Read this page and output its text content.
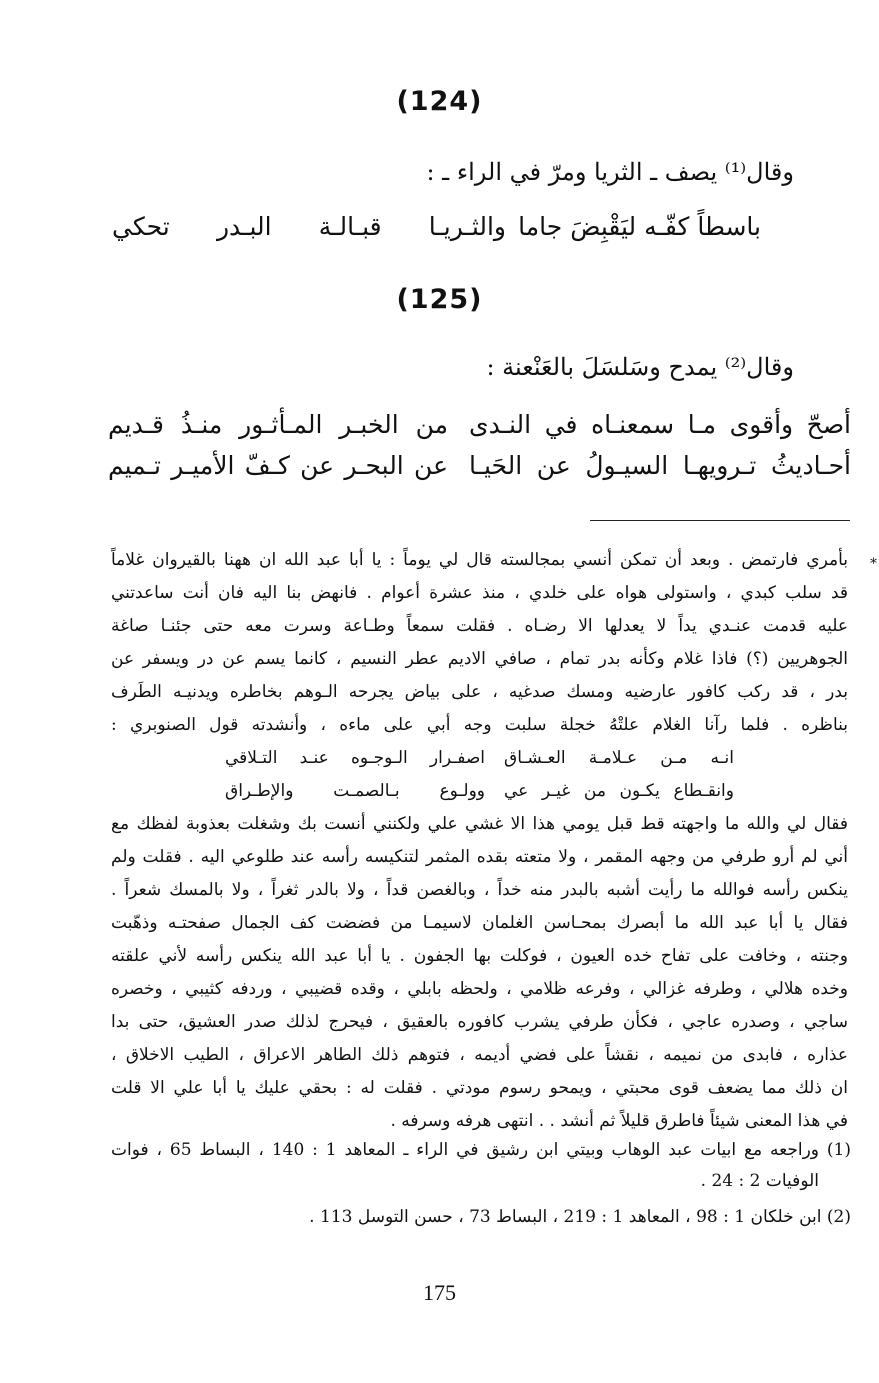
(124)
وقال⁽¹⁾ يصف ـ الثريا ومرّ في الراء ـ :
والثـريـا قبـالـة البـدر تحكي باسطاً كفّـه ليَقْبِضَ جاما
(125)
وقال⁽²⁾ يمدح وسَلسَلَ بالعَنْعنة :
أصحّ وأقوى مـا سمعنـاه في النـدى
من الخبـر المـأثـور منـذُ قـديم
أحـاديثُ تـرويهـا السيـولُ عن الحَيـا
عن البحـر عن كـفّ الأميـر تـميم
*
بأمري فارتمض . وبعد أن تمكن أنسي بمجالسته قال لي يوماً : يا أبا عبد الله ان ههنا بالقيروان غلاماً
قد سلب كبدي ، واستولى هواه على خلدي ، منذ عشرة أعوام . فانهض بنا اليه فان أنت ساعدتني
عليه قدمت عنـدي يداً لا يعدلها الا رضـاه . فقلت سمعاً وطـاعة وسرت معه حتى جئنـا صاغة
الجوهريين (؟) فاذا غلام وكأنه بدر تمام ، صافي الاديم عطر النسيم ، كانما يسم عن در ويسفر عن
بدر ، قد ركب كافور عارضيه ومسك صدغيه ، على بياض يجرحه الـوهم بخاطره ويدنيـه الطَرف
بناظره . فلما رآنا الغلام علتْهُ خجلة سلبت وجه أبي على ماءه ، وأنشدته قول الصنوبري :
انـه مـن عـلامـة العـشـاق
اصفـرار الـوجـوه عنـد التـلاقي
وانقـطاع يكـون من غيـر عي
وولـوع بـالصمـت والإطـراق
فقال لي والله ما واجهته قط قبل يومي هذا الا غشي علي ولكنني أنست بك وشغلت بعذوبة لفظك مع
أني لم أرو طرفي من وجهه المقمر ، ولا متعته بقده المثمر لتنكيسه رأسه عند طلوعي اليه . فقلت ولم
ينكس رأسه فوالله ما رأيت أشبه بالبدر منه خداً ، وبالغصن قداً ، ولا بالدر ثغراً ، ولا بالمسك شعراً .
فقال يا أبا عبد الله ما أبصرك بمحـاسن الغلمان لاسيمـا من فضضت كف الجمال صفحتـه وذهّبت
وجنته ، وخافت على تفاح خده العيون ، فوكلت بها الجفون . يا أبا عبد الله ينكس رأسه لأني علقته
وخده هلالي ، وطرفه غزالي ، وفرعه ظلامي ، ولحظه بابلي ، وقده قضيبي ، وردفه كثيبي ، وخصره
ساجي ، وصدره عاجي ، فكأن طرفي يشرب كافوره بالعقيق ، فيحرج لذلك صدر العشيق، حتى بدا
عذاره ، فابدى من نميمه ، نقشاً على فضي أديمه ، فتوهم ذلك الطاهر الاعراق ، الطيب الاخلاق ،
ان ذلك مما يضعف قوى محبتي ، ويمحو رسوم مودتي . فقلت له : بحقي عليك يا أبا علي الا قلت
في هذا المعنى شيئاً فاطرق قليلاً ثم أنشد . . انتهى هرفه وسرفه .
(1) وراجعه مع ابيات عبد الوهاب وبيتي ابن رشيق في الراء ـ المعاهد 1 : 140 ، البساط 65 ، فوات
الوفيات 2 : 24 .
(2) ابن خلكان 1 : 98 ، المعاهد 1 : 219 ، البساط 73 ، حسن التوسل 113 .
175
